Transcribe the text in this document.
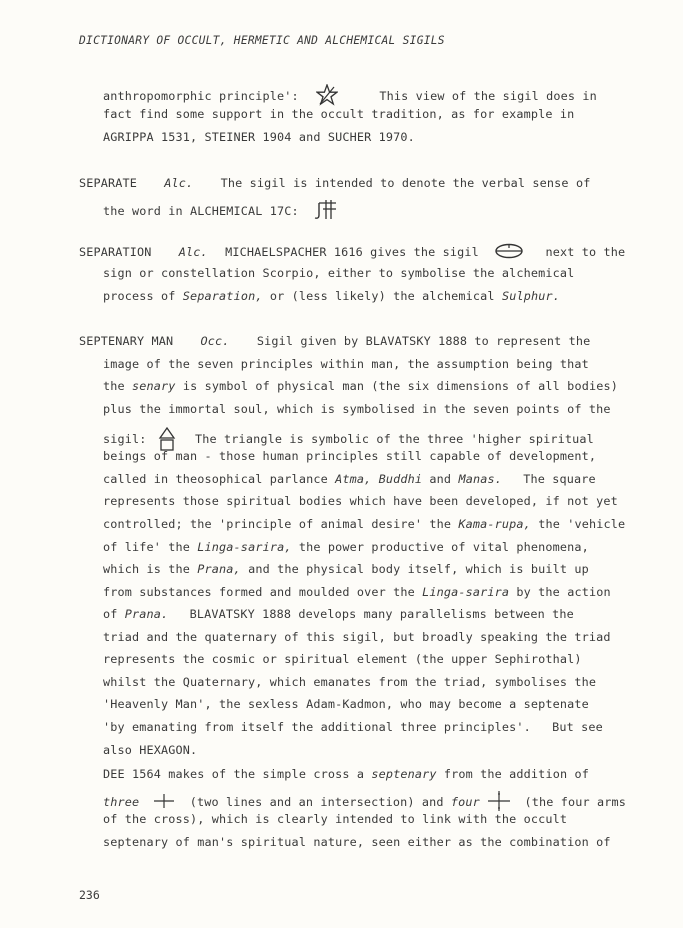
DICTIONARY OF OCCULT, HERMETIC AND ALCHEMICAL SIGILS
anthropomorphic principle':	This view of the sigil does in
fact find some support in the occult tradition, as for example in
AGRIPPA 1531, STEINER 1904 and SUCHER 1970.
SEPARATE Alc. The sigil is intended to denote the verbal sense of
the word in ALCHEMICAL 17C:
SEPARATION Alc. MICHAELSPACHER 1616 gives the sigil	next to the
sign or constellation Scorpio, either to symbolise the alchemical
process of Separation, or (less likely) the alchemical Sulphur.
SEPTENARY MAN Occ. Sigil given by BLAVATSKY 1888 to represent the
image of the seven principles within man, the assumption being that
the senary is symbol of physical man (the six dimensions of all bodies)
plus the immortal soul, which is symbolised in the seven points of the
sigil:	The triangle is symbolic of the three 'higher spiritual
beings of man - those human principles still capable of development,
called in theosophical parlance Atma, Buddhi and Manas. The square
represents those spiritual bodies which have been developed, if not yet
controlled; the 'principle of animal desire' the Kama-rupa, the 'vehicle
of life' the Linga-sarira, the power productive of vital phenomena,
which is the Prana, and the physical body itself, which is built up
from substances formed and moulded over the Linga-sarira by the action
of Prana. BLAVATSKY 1888 develops many parallelisms between the
triad and the quaternary of this sigil, but broadly speaking the triad
represents the cosmic or spiritual element (the upper Sephirothal)
whilst the Quaternary, which emanates from the triad, symbolises the
'Heavenly Man', the sexless Adam-Kadmon, who may become a septenate
'by emanating from itself the additional three principles'. But see
also HEXAGON.
DEE 1564 makes of the simple cross a septenary from the addition of
three	(two lines and an intersection) and four	(the four arms
of the cross), which is clearly intended to link with the occult
septenary of man's spiritual nature, seen either as the combination of
236
